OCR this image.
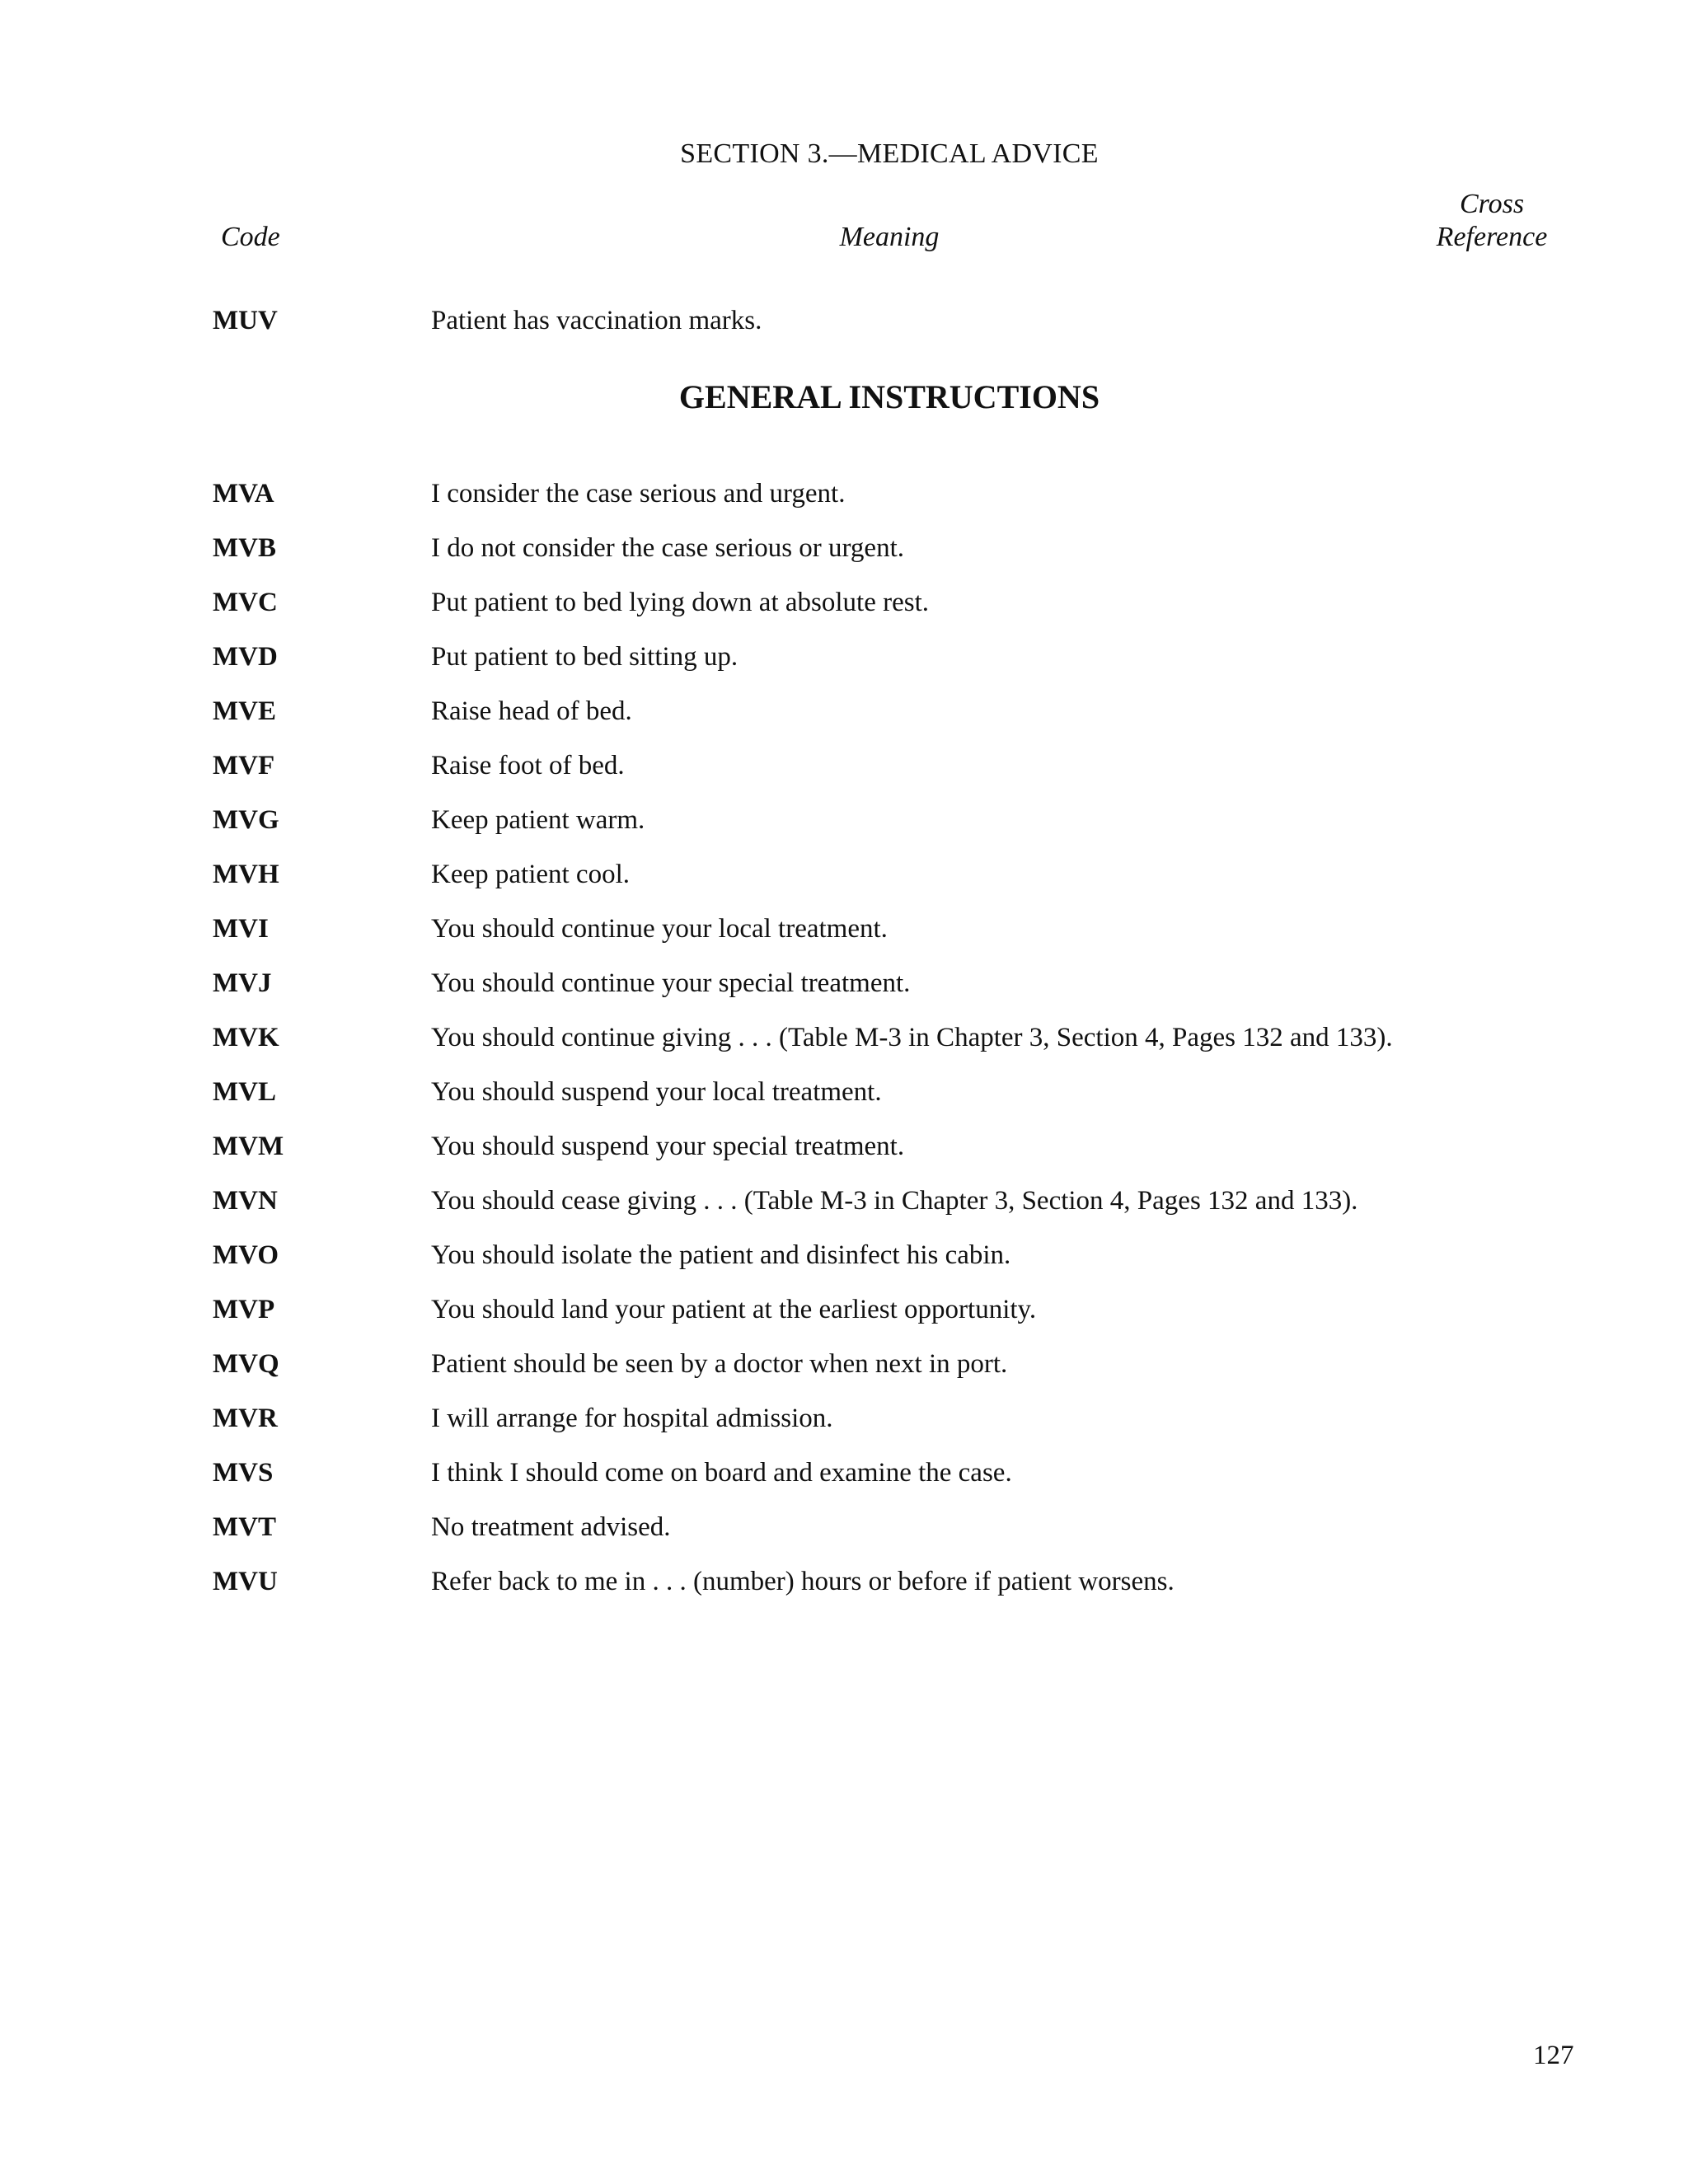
SECTION 3.—MEDICAL ADVICE
Code	Meaning
Cross
Reference
MUV	Patient has vaccination marks.
GENERAL INSTRUCTIONS
MVA	I consider the case serious and urgent.
MVB	I do not consider the case serious or urgent.
MVC	Put patient to bed lying down at absolute rest.
MVD	Put patient to bed sitting up.
MVE	Raise head of bed.
MVF	Raise foot of bed.
MVG	Keep patient warm.
MVH	Keep patient cool.
MVI	You should continue your local treatment.
MVJ	You should continue your special treatment.
MVK	You should continue giving . . . (Table M-3 in Chapter 3, Section 4, Pages 132 and 133).
MVL	You should suspend your local treatment.
MVM	You should suspend your special treatment.
MVN	You should cease giving . . . (Table M-3 in Chapter 3, Section 4, Pages 132 and 133).
MVO	You should isolate the patient and disinfect his cabin.
MVP	You should land your patient at the earliest opportunity.
MVQ	Patient should be seen by a doctor when next in port.
MVR	I will arrange for hospital admission.
MVS	I think I should come on board and examine the case.
MVT	No treatment advised.
MVU	Refer back to me in . . . (number) hours or before if patient worsens.
127
